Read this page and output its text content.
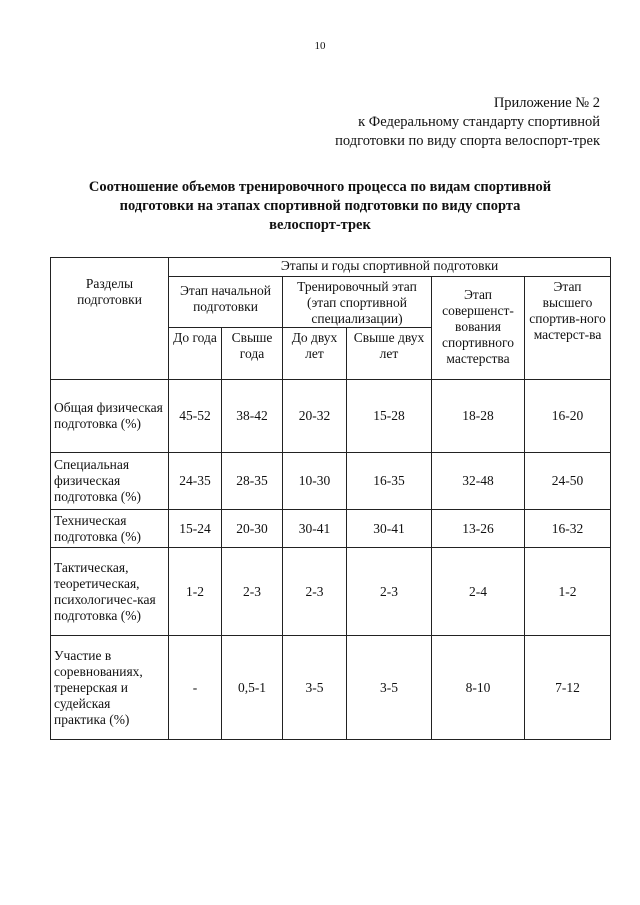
10
Приложение № 2
к Федеральному стандарту спортивной
подготовки по виду спорта велоспорт-трек
Соотношение объемов тренировочного процесса по видам спортивной
подготовки на этапах спортивной подготовки по виду спорта
велоспорт-трек
Разделы подготовки	Этапы и годы спортивной подготовки					
	Этап начальной подготовки		Тренировочный этап (этап спортивной специализации)		Этап совершенст-вования спортивного мастерства	Этап высшего спортив-ного мастерст-ва
	До года	Свыше года	До двух лет	Свыше двух лет		
Общая физическая подготовка (%)	45-52	38-42	20-32	15-28	18-28	16-20
Специальная физическая подготовка (%)	24-35	28-35	10-30	16-35	32-48	24-50
Техническая подготовка (%)	15-24	20-30	30-41	30-41	13-26	16-32
Тактическая, теоретическая, психологичес-кая подготовка (%)	1-2	2-3	2-3	2-3	2-4	1-2
Участие в соревнованиях, тренерская и судейская практика (%)	-	0,5-1	3-5	3-5	8-10	7-12
